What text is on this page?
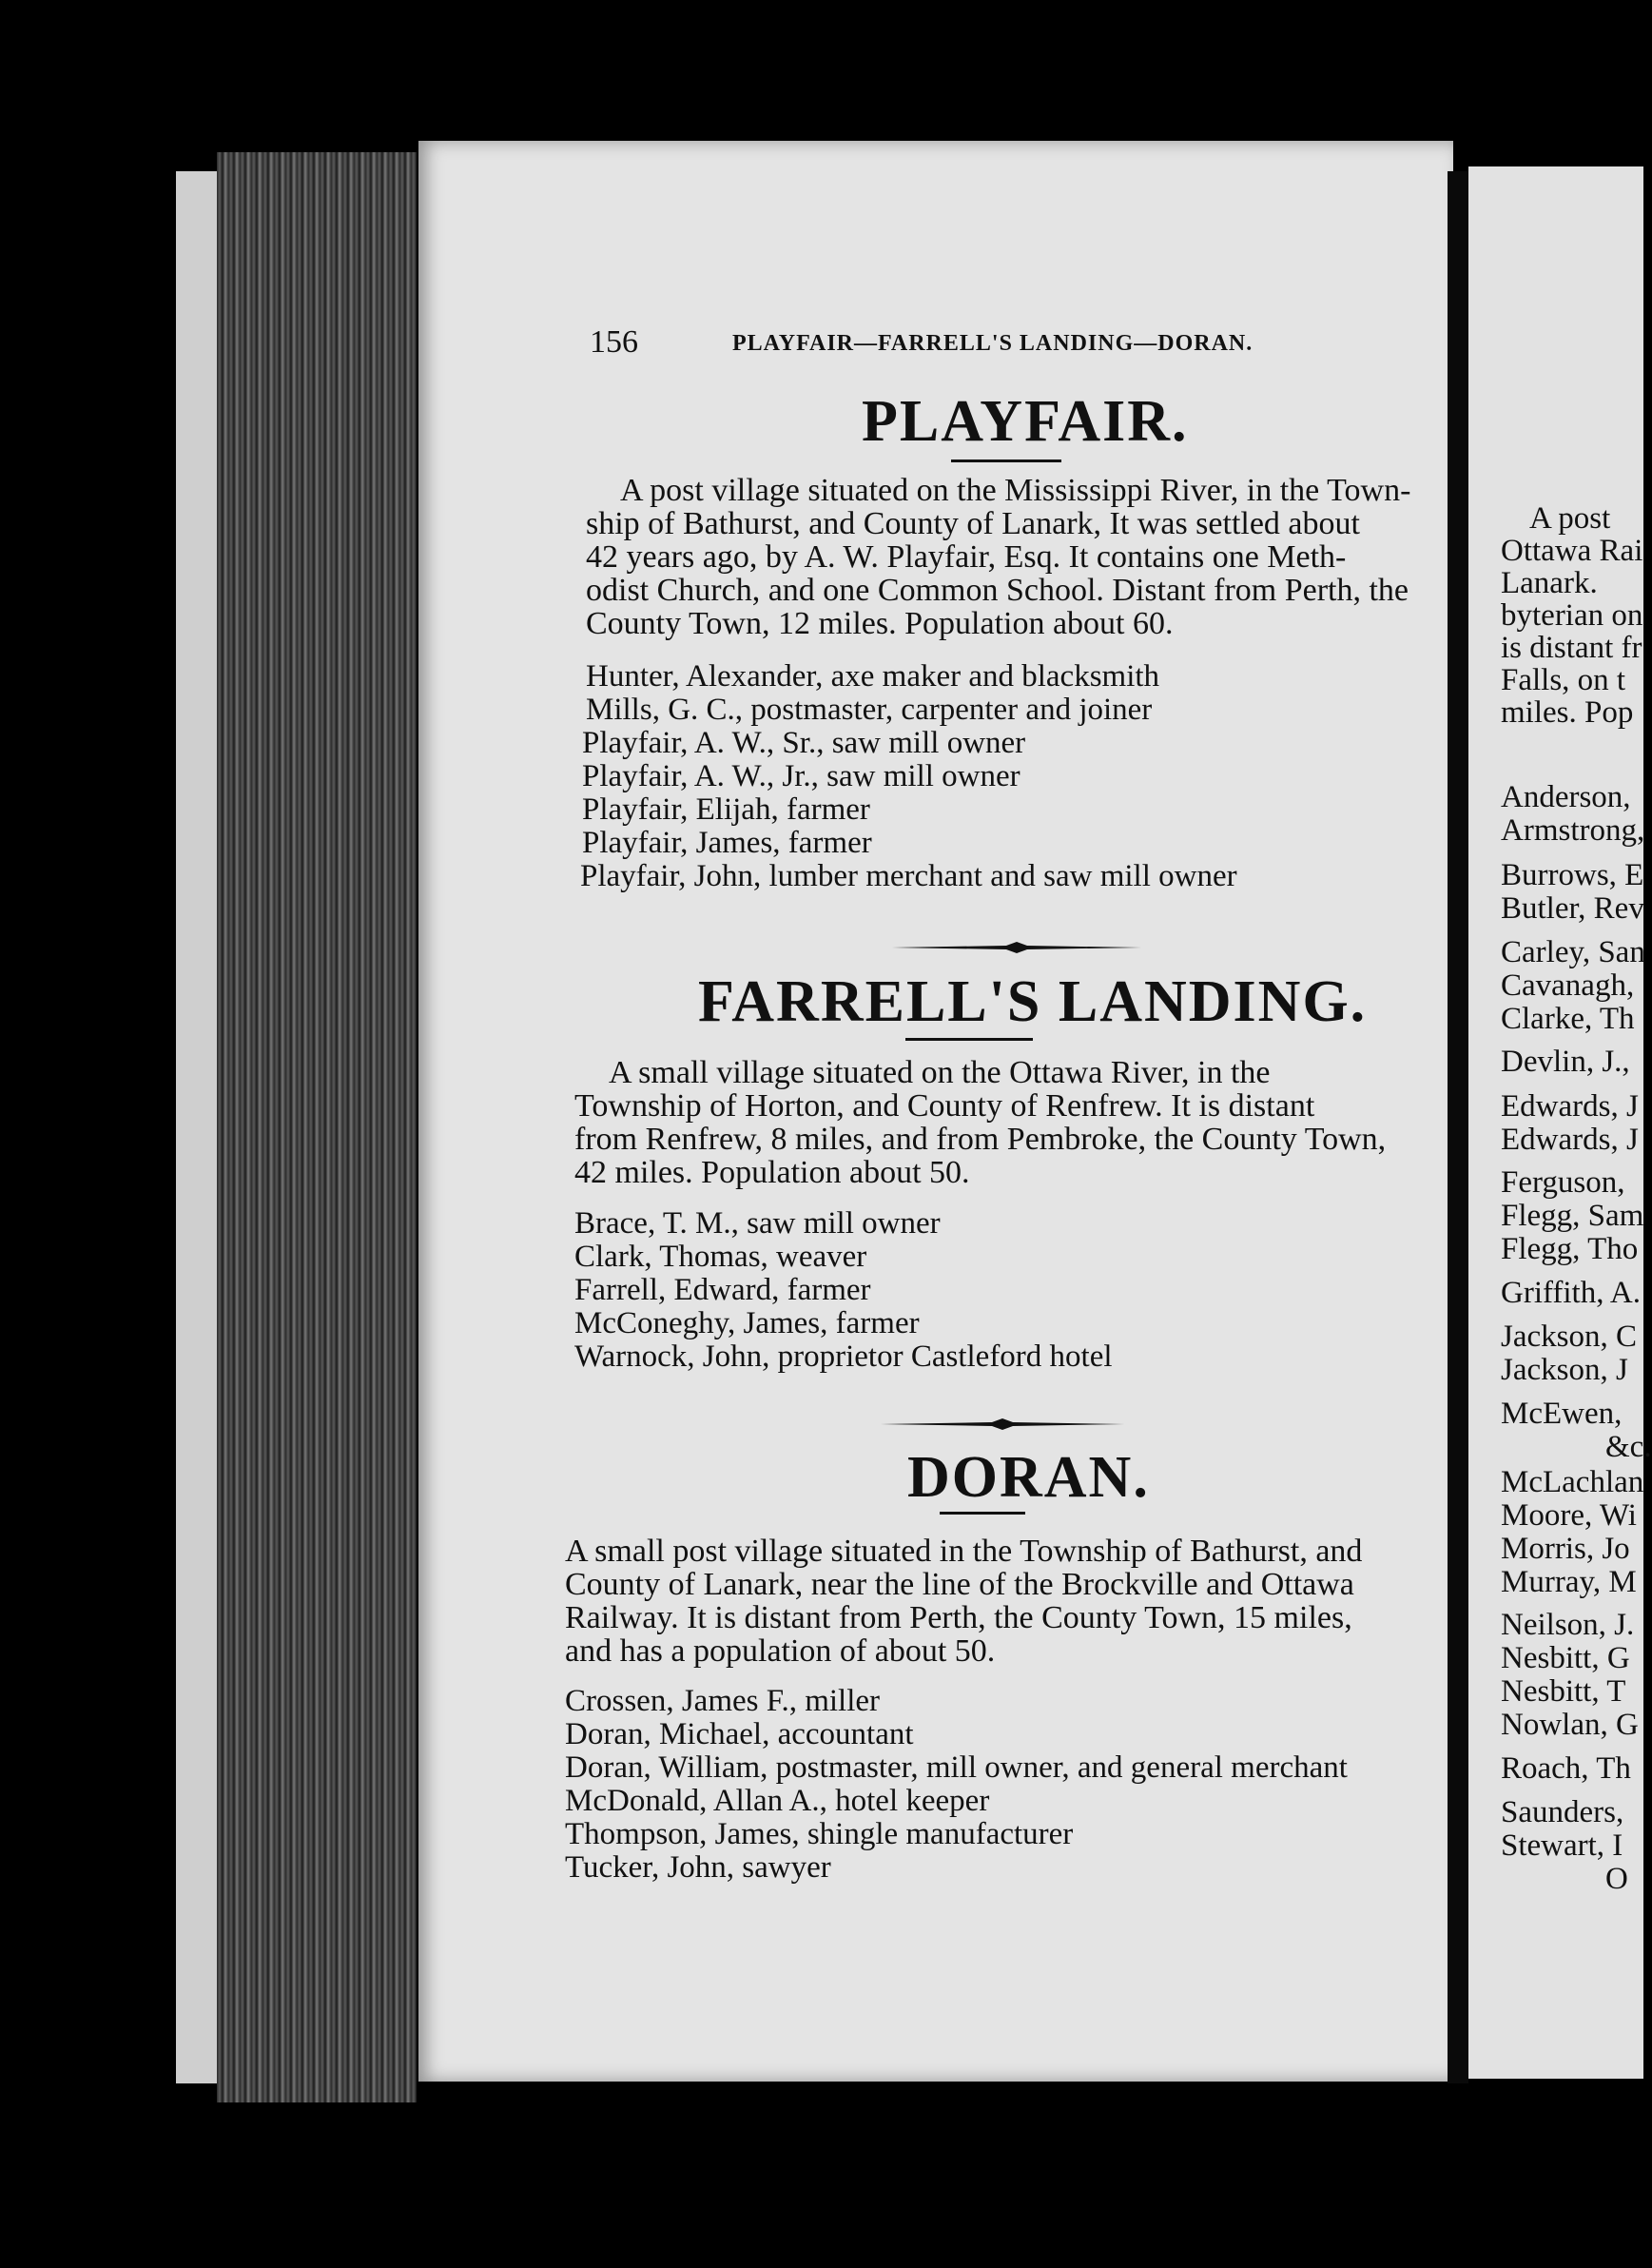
156	PLAYFAIR—FARRELL'S LANDING—DORAN.
PLAYFAIR.
A post village situated on the Mississippi River, in the Town-
ship of Bathurst, and County of Lanark, It was settled about
42 years ago, by A. W. Playfair, Esq. It contains one Meth-
odist Church, and one Common School. Distant from Perth, the
County Town, 12 miles. Population about 60.
Hunter, Alexander, axe maker and blacksmith
Mills, G. C., postmaster, carpenter and joiner
Playfair, A. W., Sr., saw mill owner
Playfair, A. W., Jr., saw mill owner
Playfair, Elijah, farmer
Playfair, James, farmer
Playfair, John, lumber merchant and saw mill owner
FARRELL'S LANDING.
A small village situated on the Ottawa River, in the
Township of Horton, and County of Renfrew. It is distant
from Renfrew, 8 miles, and from Pembroke, the County Town,
42 miles. Population about 50.
Brace, T. M., saw mill owner
Clark, Thomas, weaver
Farrell, Edward, farmer
McConeghy, James, farmer
Warnock, John, proprietor Castleford hotel
DORAN.
A small post village situated in the Township of Bathurst, and
County of Lanark, near the line of the Brockville and Ottawa
Railway. It is distant from Perth, the County Town, 15 miles,
and has a population of about 50.
Crossen, James F., miller
Doran, Michael, accountant
Doran, William, postmaster, mill owner, and general merchant
McDonald, Allan A., hotel keeper
Thompson, James, shingle manufacturer
Tucker, John, sawyer
A post
Ottawa Rai
Lanark.
byterian on
is distant fr
Falls, on t
miles. Pop
Anderson,
Armstrong,
Burrows, E
Butler, Rev
Carley, San
Cavanagh,
Clarke, Th
Devlin, J.,
Edwards, J
Edwards, J
Ferguson,
Flegg, Sam
Flegg, Tho
Griffith, A.
Jackson, C
Jackson, J
McEwen,
&c.
McLachlan
Moore, Wi
Morris, Jo
Murray, M
Neilson, J.
Nesbitt, G
Nesbitt, T
Nowlan, G
Roach, Th
Saunders,
Stewart, I
O
